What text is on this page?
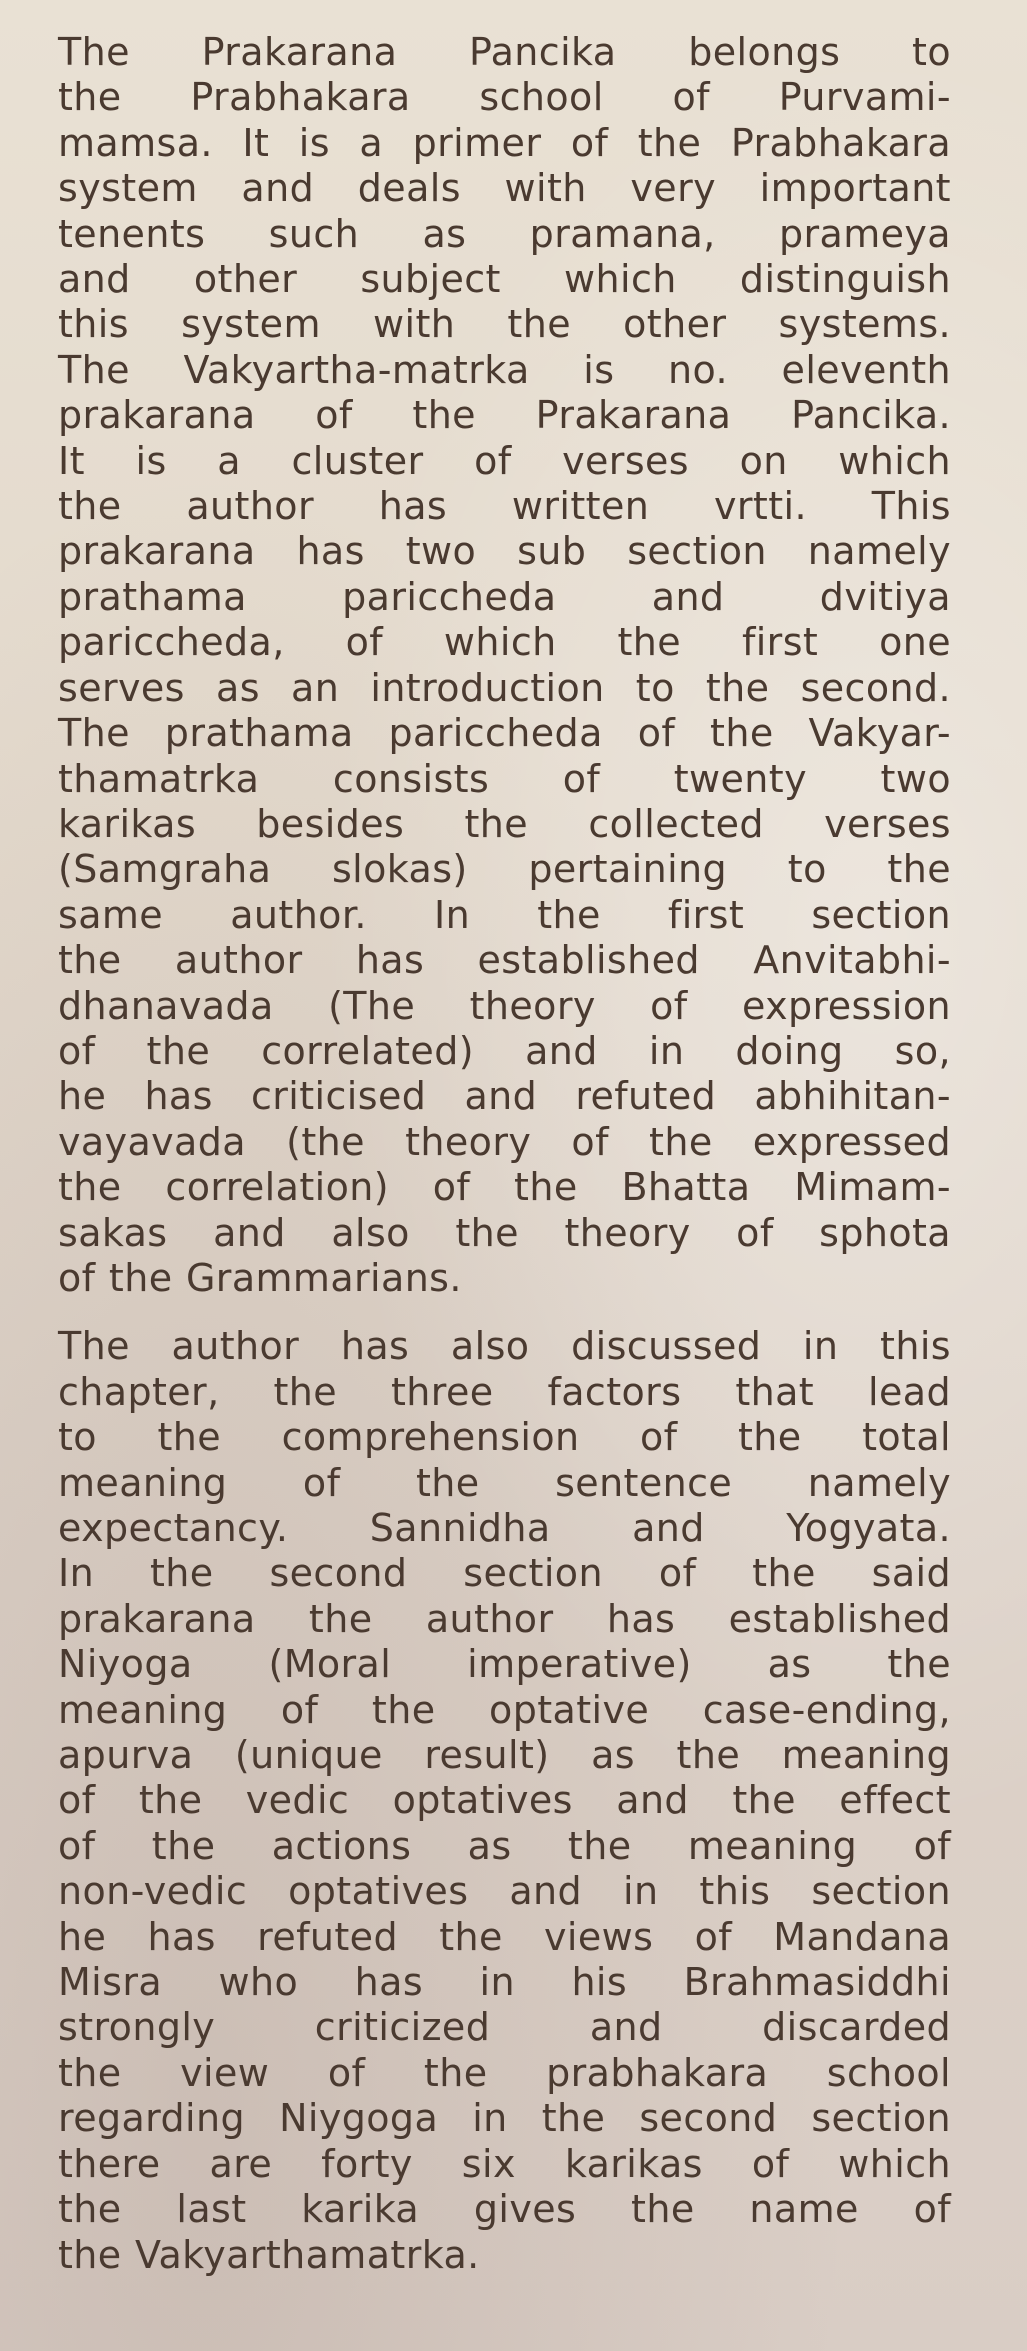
The Prakarana Pancika belongs to
the Prabhakara school of Purvami-
mamsa. It is a primer of the Prabhakara
system and deals with very important
tenents such as pramana, prameya
and other subject which distinguish
this system with the other systems.
The Vakyartha-matrka is no. eleventh
prakarana of the Prakarana Pancika.
It is a cluster of verses on which
the author has written vrtti. This
prakarana has two sub section namely
prathama pariccheda and dvitiya
pariccheda, of which the first one
serves as an introduction to the second.
The prathama pariccheda of the Vakyar-
thamatrka consists of twenty two
karikas besides the collected verses
(Samgraha slokas) pertaining to the
same author. In the first section
the author has established Anvitabhi-
dhanavada (The theory of expression
of the correlated) and in doing so,
he has criticised and refuted abhihitan-
vayavada (the theory of the expressed
the correlation) of the Bhatta Mimam-
sakas and also the theory of sphota
of the Grammarians.

The author has also discussed in this
chapter, the three factors that lead
to the comprehension of the total
meaning of the sentence namely
expectancy. Sannidha and Yogyata.
In the second section of the said
prakarana the author has established
Niyoga (Moral imperative) as the
meaning of the optative case-ending,
apurva (unique result) as the meaning
of the vedic optatives and the effect
of the actions as the meaning of
non-vedic optatives and in this section
he has refuted the views of Mandana
Misra who has in his Brahmasiddhi
strongly criticized and discarded
the view of the prabhakara school
regarding Niygoga in the second section
there are forty six karikas of which
the last karika gives the name of
the Vakyarthamatrka.
